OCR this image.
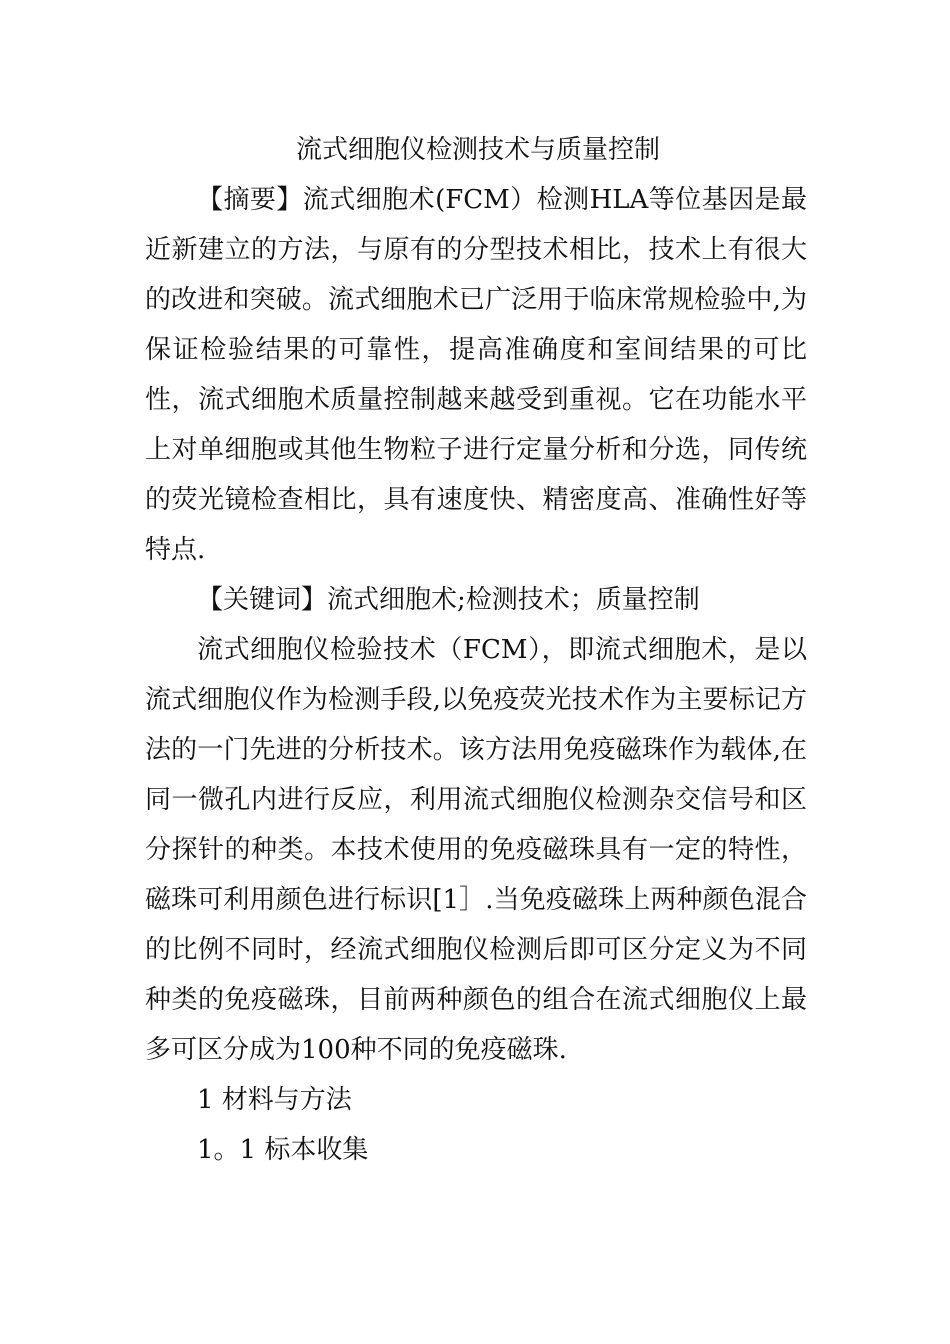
流式细胞仪检测技术与质量控制

【摘要】流式细胞术(FCM）检测HLA等位基因是最近新建立的方法，与原有的分型技术相比，技术上有很大的改进和突破。流式细胞术已广泛用于临床常规检验中,为保证检验结果的可靠性，提高准确度和室间结果的可比性，流式细胞术质量控制越来越受到重视。它在功能水平上对单细胞或其他生物粒子进行定量分析和分选，同传统的荧光镜检查相比，具有速度快、精密度高、准确性好等特点.

【关键词】流式细胞术;检测技术；质量控制

流式细胞仪检验技术（FCM），即流式细胞术，是以流式细胞仪作为检测手段,以免疫荧光技术作为主要标记方法的一门先进的分析技术。该方法用免疫磁珠作为载体,在同一微孔内进行反应，利用流式细胞仪检测杂交信号和区分探针的种类。本技术使用的免疫磁珠具有一定的特性，磁珠可利用颜色进行标识[1］.当免疫磁珠上两种颜色混合的比例不同时，经流式细胞仪检测后即可区分定义为不同种类的免疫磁珠，目前两种颜色的组合在流式细胞仪上最多可区分成为100种不同的免疫磁珠.

1 材料与方法

1。1 标本收集
